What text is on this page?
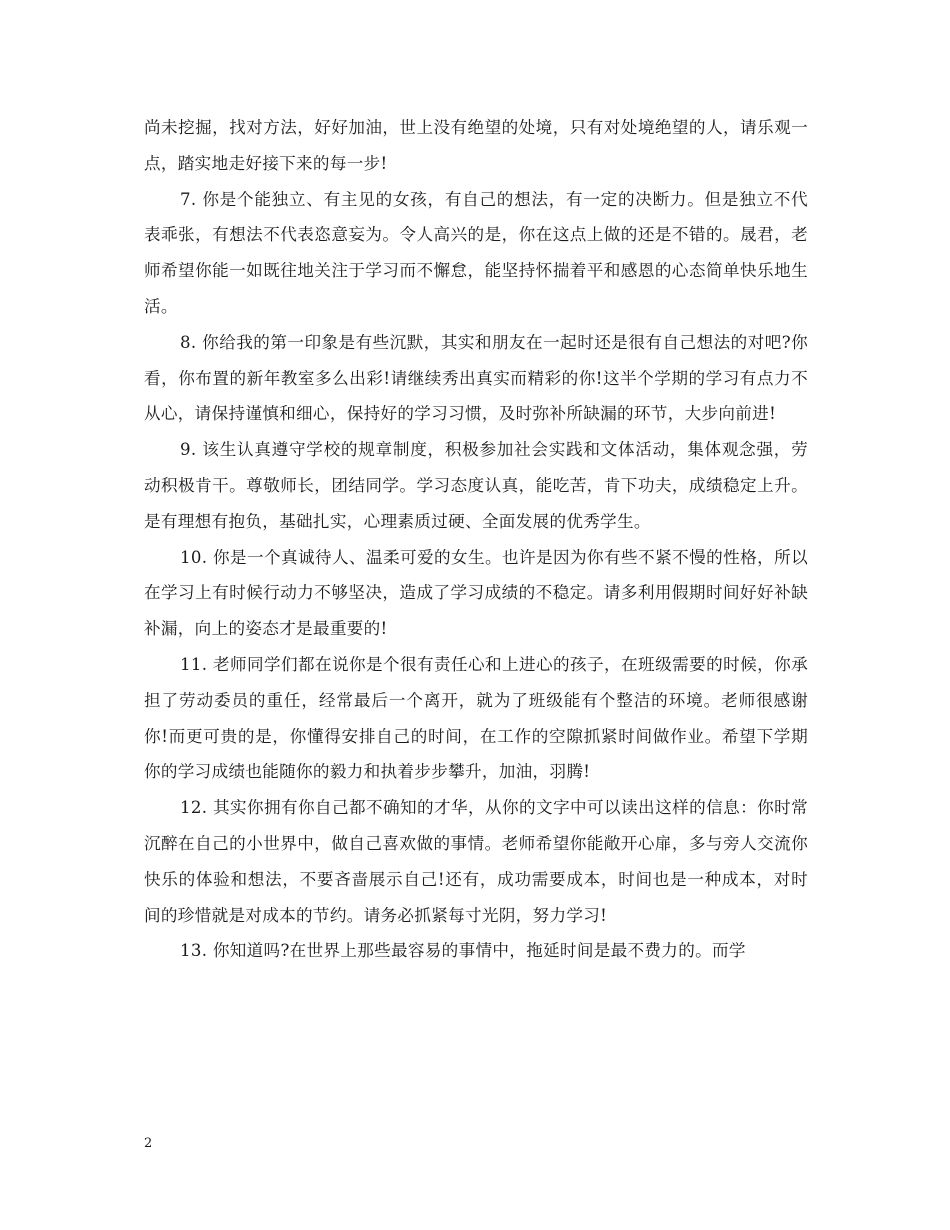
尚未挖掘，找对方法，好好加油，世上没有绝望的处境，只有对处境绝望的人，请乐观一点，踏实地走好接下来的每一步!

7. 你是个能独立、有主见的女孩，有自己的想法，有一定的决断力。但是独立不代表乖张，有想法不代表恣意妄为。令人高兴的是，你在这点上做的还是不错的。晟君，老师希望你能一如既往地关注于学习而不懈怠，能坚持怀揣着平和感恩的心态简单快乐地生活。

8. 你给我的第一印象是有些沉默，其实和朋友在一起时还是很有自己想法的对吧?你看，你布置的新年教室多么出彩!请继续秀出真实而精彩的你!这半个学期的学习有点力不从心，请保持谨慎和细心，保持好的学习习惯，及时弥补所缺漏的环节，大步向前进!

9. 该生认真遵守学校的规章制度，积极参加社会实践和文体活动，集体观念强，劳动积极肯干。尊敬师长，团结同学。学习态度认真，能吃苦，肯下功夫，成绩稳定上升。是有理想有抱负，基础扎实，心理素质过硬、全面发展的优秀学生。

10. 你是一个真诚待人、温柔可爱的女生。也许是因为你有些不紧不慢的性格，所以在学习上有时候行动力不够坚决，造成了学习成绩的不稳定。请多利用假期时间好好补缺补漏，向上的姿态才是最重要的!

11. 老师同学们都在说你是个很有责任心和上进心的孩子，在班级需要的时候，你承担了劳动委员的重任，经常最后一个离开，就为了班级能有个整洁的环境。老师很感谢你!而更可贵的是，你懂得安排自己的时间，在工作的空隙抓紧时间做作业。希望下学期你的学习成绩也能随你的毅力和执着步步攀升，加油，羽腾!

12. 其实你拥有你自己都不确知的才华，从你的文字中可以读出这样的信息：你时常沉醉在自己的小世界中，做自己喜欢做的事情。老师希望你能敞开心扉，多与旁人交流你快乐的体验和想法，不要吝啬展示自己!还有，成功需要成本，时间也是一种成本，对时间的珍惜就是对成本的节约。请务必抓紧每寸光阴，努力学习!

13. 你知道吗?在世界上那些最容易的事情中，拖延时间是最不费力的。而学

2
